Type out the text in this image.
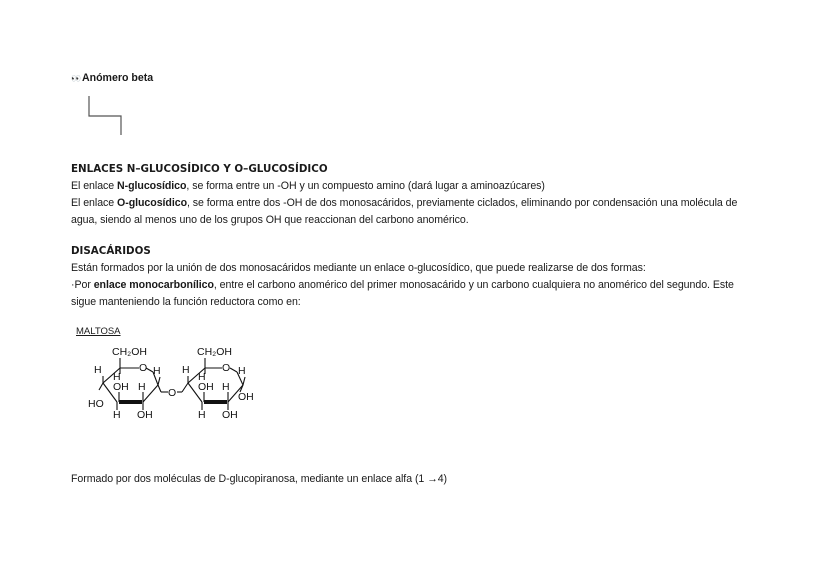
👀 Anómero beta
ENLACES N–GLUCOSÍDICO Y O–GLUCOSÍDICO
El enlace N-glucosídico, se forma entre un -OH y un compuesto amino (dará lugar a aminoazúcares)
El enlace O-glucosídico, se forma entre dos -OH de dos monosacáridos, previamente ciclados, eliminando por condensación una molécula de
agua, siendo al menos uno de los grupos OH que reaccionan del carbono anomérico.
DISACÁRIDOS
Están formados por la unión de dos monosacáridos mediante un enlace o-glucosídico, que puede realizarse de dos formas:
·Por enlace monocarbonílico, entre el carbono anomérico del primer monosacárido y un carbono cualquiera no anomérico del segundo. Este
sigue manteniendo la función reductora como en:
MALTOSA
CH₂OH
O
H
H
OH H
H
HO
H OH
O
CH₂OH
O
H
H
OH H
H
OH
H OH
Formado por dos moléculas de D-glucopiranosa, mediante un enlace alfa (1 →4)
